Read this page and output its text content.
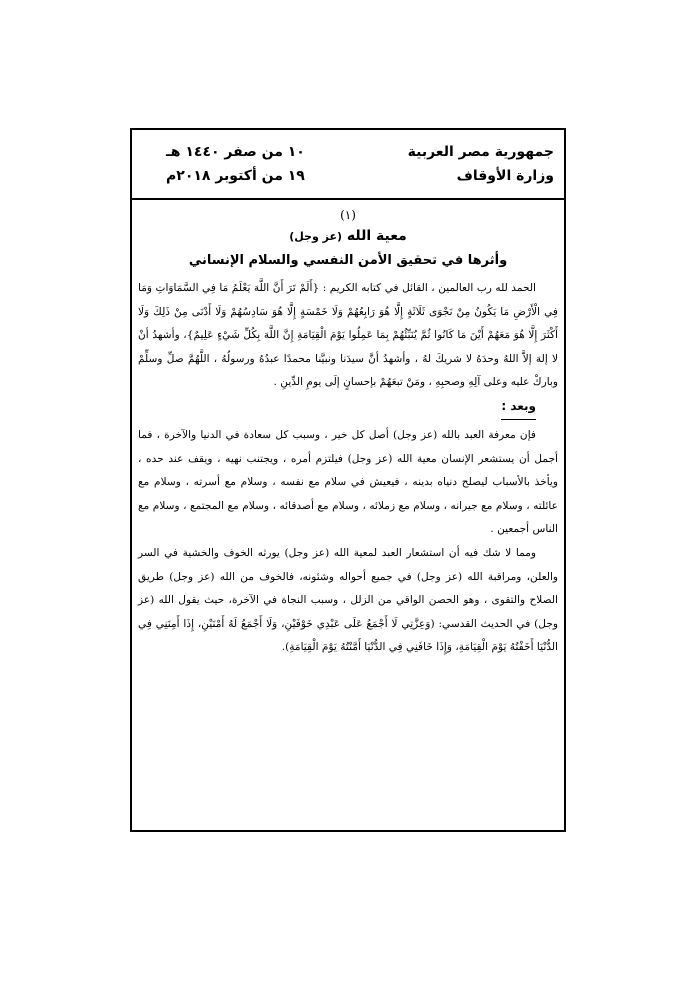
جمهورية مصر العربية
وزارة الأوقاف
١٠ من صفر ١٤٤٠ هـ
١٩ من أكتوبر ٢٠١٨م
(١)
معية الله (عز وجل)
وأثرها في تحقيق الأمن النفسي والسلام الإنساني

الحمد لله رب العالمين ، القائل في كتابه الكريم : {أَلَمْ تَرَ أَنَّ اللَّهَ يَعْلَمُ مَا فِي السَّمَاوَاتِ وَمَا فِي الْأَرْضِ مَا يَكُونُ مِنْ نَجْوَى ثَلَاثَةٍ إِلَّا هُوَ رَابِعُهُمْ وَلَا خَمْسَةٍ إِلَّا هُوَ سَادِسُهُمْ وَلَا أَدْنَى مِنْ ذَلِكَ وَلَا أَكْثَرَ إِلَّا هُوَ مَعَهُمْ أَيْنَ مَا كَانُوا ثُمَّ يُنَبِّئُهُمْ بِمَا عَمِلُوا يَوْمَ الْقِيَامَةِ إِنَّ اللَّهَ بِكُلِّ شَيْءٍ عَلِيمٌ}، وأشهدُ أنْ لا إلهَ إلاَّ اللهُ وحدَهُ لا شريكَ لهُ ، وأشهدُ أنَّ سيدَنا ونبيَّنا محمدًا عبدُهُ ورسولُهُ ، اللَّهُمَّ صلِّ وسلِّمْ وباركْ عليه وعلى آلِهِ وصحبِهِ ، ومَنْ تبعَهُمْ بإحسانٍ إلَى يومِ الدِّينِ .

وبعد :

فإن معرفة العبد بالله (عز وجل) أصل كل خير ، وسبب كل سعادة في الدنيا والآخرة ، فما أجمل أن يستشعر الإنسان معية الله (عز وجل) فيلتزم أمره ، ويجتنب نهيه ، ويقف عند حده ، ويأخذ بالأسباب ليصلح دنياه بدينه ، فيعيش في سلام مع نفسه ، وسلام مع أسرته ، وسلام مع عائلته ، وسلام مع جيرانه ، وسلام مع زملائه ، وسلام مع أصدقائه ، وسلام مع المجتمع ، وسلام مع الناس أجمعين .

ومما لا شك فيه أن استشعار العبد لمعية الله (عز وجل) يورثه الخوف والخشية في السر والعلن، ومراقبة الله (عز وجل) في جميع أحواله وشئونه، فالخوف من الله (عز وجل) طريق الصلاح والتقوى ، وهو الحصن الواقي من الزلل ، وسبب النجاة في الآخرة، حيث يقول الله (عز وجل) في الحديث القدسي: (وَعِزَّتِي لَا أَجْمَعُ عَلَى عَبْدِي خَوْفَيْنِ، وَلَا أَجْمَعُ لَهُ أَمْنَيْنِ، إِذَا أَمِنَنِي فِي الدُّنْيَا أَخَفْتُهُ يَوْمَ الْقِيَامَةِ، وَإِذَا خَافَنِي فِي الدُّنْيَا أَمَّنْتُهُ يَوْمَ الْقِيَامَةِ).
